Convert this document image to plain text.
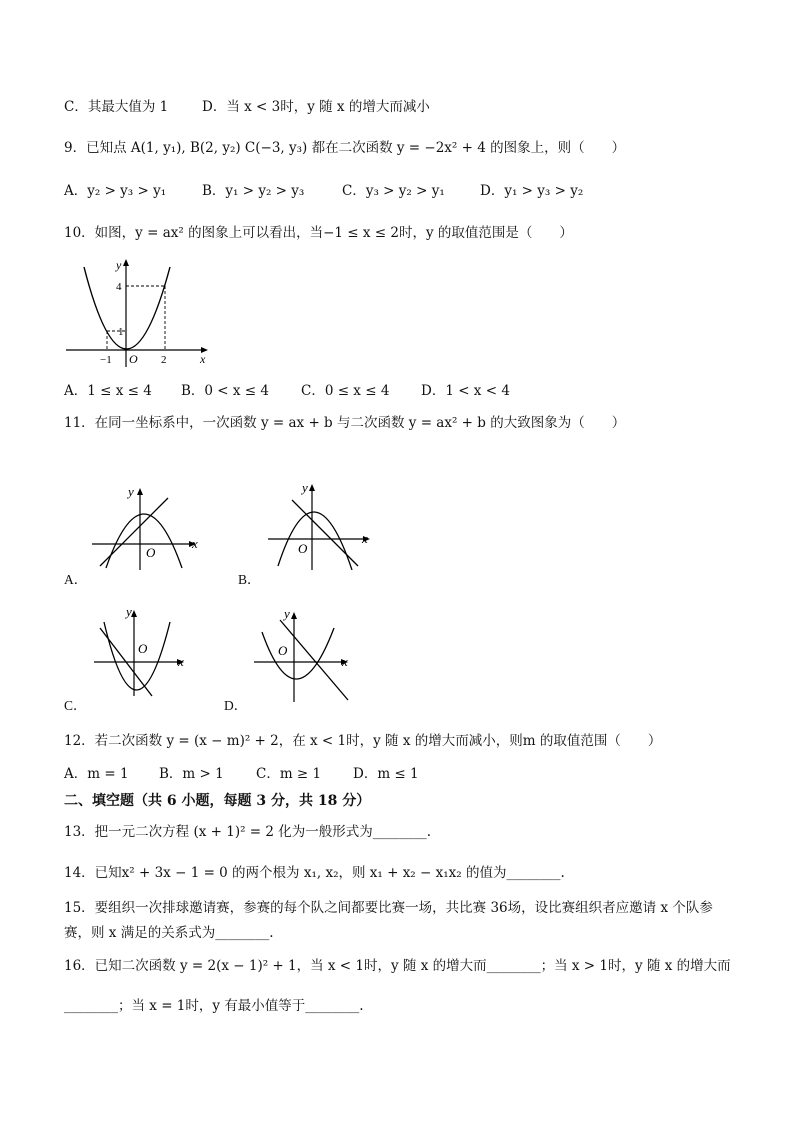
C．其最大值为 1	D．当 x < 3时，y 随 x 的增大而减小
9．已知点 A(1, y₁), B(2, y₂) C(−3, y₃) 都在二次函数 y = −2x² + 4 的图象上，则（　　）
A．y₂ > y₃ > y₁	B．y₁ > y₂ > y₃	C．y₃ > y₂ > y₁	D．y₁ > y₃ > y₂
10．如图，y = ax² 的图象上可以看出，当−1 ≤ x ≤ 2时，y 的取值范围是（　　）
y
x
O
4
1
−1	2
A．1 ≤ x ≤ 4 B．0 < x ≤ 4 C．0 ≤ x ≤ 4 D．1 < x < 4
11．在同一坐标系中，一次函数 y = ax + b 与二次函数 y = ax² + b 的大致图象为（　　）
y
x
O
A．
y
x
O
B．
y
x
O
C．
y
x
O
D．
12．若二次函数 y = (x − m)² + 2，在 x < 1时，y 随 x 的增大而减小，则m 的取值范围（　　）
A．m = 1 B．m > 1 C．m ≥ 1 D．m ≤ 1
二、填空题（共 6 小题，每题 3 分，共 18 分）
13．把一元二次方程 (x + 1)² = 2 化为一般形式为________.
14．已知x² + 3x − 1 = 0 的两个根为 x₁, x₂，则 x₁ + x₂ − x₁x₂ 的值为________.
15．要组织一次排球邀请赛，参赛的每个队之间都要比赛一场，共比赛 36场，设比赛组织者应邀请 x 个队参
赛，则 x 满足的关系式为________.
16．已知二次函数 y = 2(x − 1)² + 1，当 x < 1时，y 随 x 的增大而________；当 x > 1时，y 随 x 的增大而
________；当 x = 1时，y 有最小值等于________.
